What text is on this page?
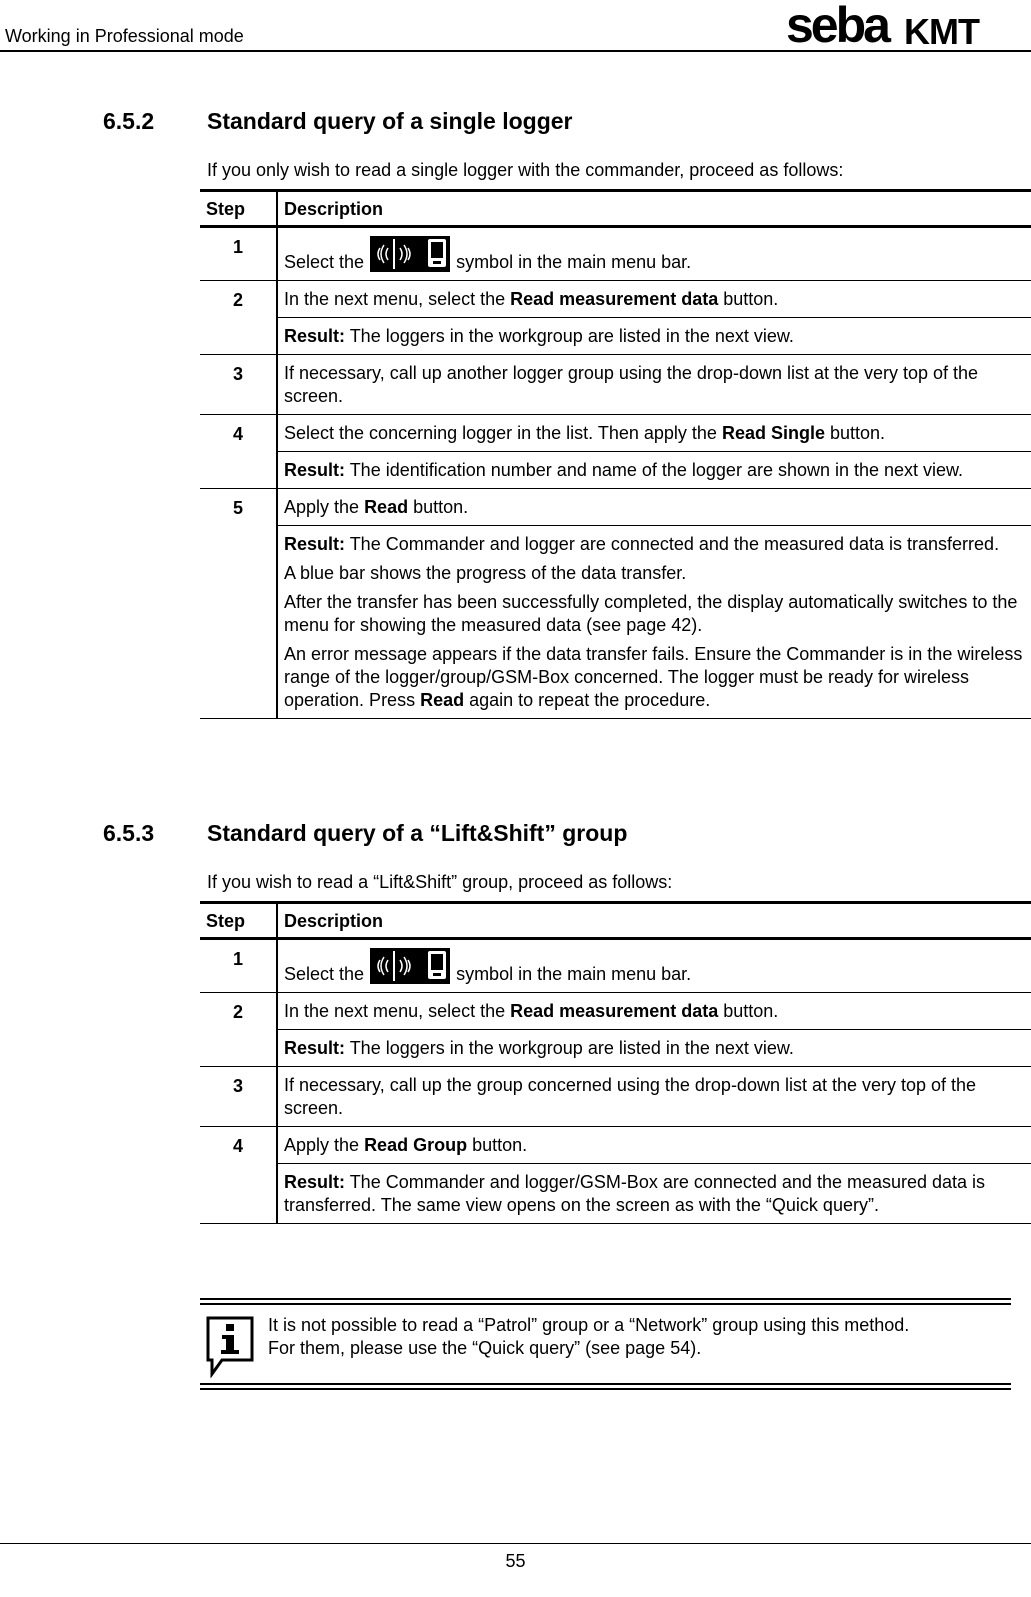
Working in Professional mode	seba KMT
6.5.2 Standard query of a single logger
If you only wish to read a single logger with the commander, proceed as follows:
Step	Description
1	Select the symbol in the main menu bar.
2	In the next menu, select the Read measurement data button.
	Result: The loggers in the workgroup are listed in the next view.
3	If necessary, call up another logger group using the drop-down list at the very top of the screen.
4	Select the concerning logger in the list. Then apply the Read Single button.
	Result: The identification number and name of the logger are shown in the next view.
5	Apply the Read button.

	Result: The Commander and logger are connected and the measured data is transferred.

A blue bar shows the progress of the data transfer.

After the transfer has been successfully completed, the display automatically switches to the menu for showing the measured data (see page 42).

An error message appears if the data transfer fails. Ensure the Commander is in the wireless range of the logger/group/GSM-Box concerned. The logger must be ready for wireless operation. Press Read again to repeat the procedure.

6.5.3 Standard query of a “Lift&Shift” group
If you wish to read a “Lift&Shift” group, proceed as follows:
Step	Description
1	Select the symbol in the main menu bar.
2	In the next menu, select the Read measurement data button.
	Result: The loggers in the workgroup are listed in the next view.
3	If necessary, call up the group concerned using the drop-down list at the very top of the screen.
4	Apply the Read Group button.
	Result: The Commander and logger/GSM-Box are connected and the measured data is transferred. The same view opens on the screen as with the “Quick query”.
It is not possible to read a “Patrol” group or a “Network” group using this method.
For them, please use the “Quick query” (see page 54).
55
